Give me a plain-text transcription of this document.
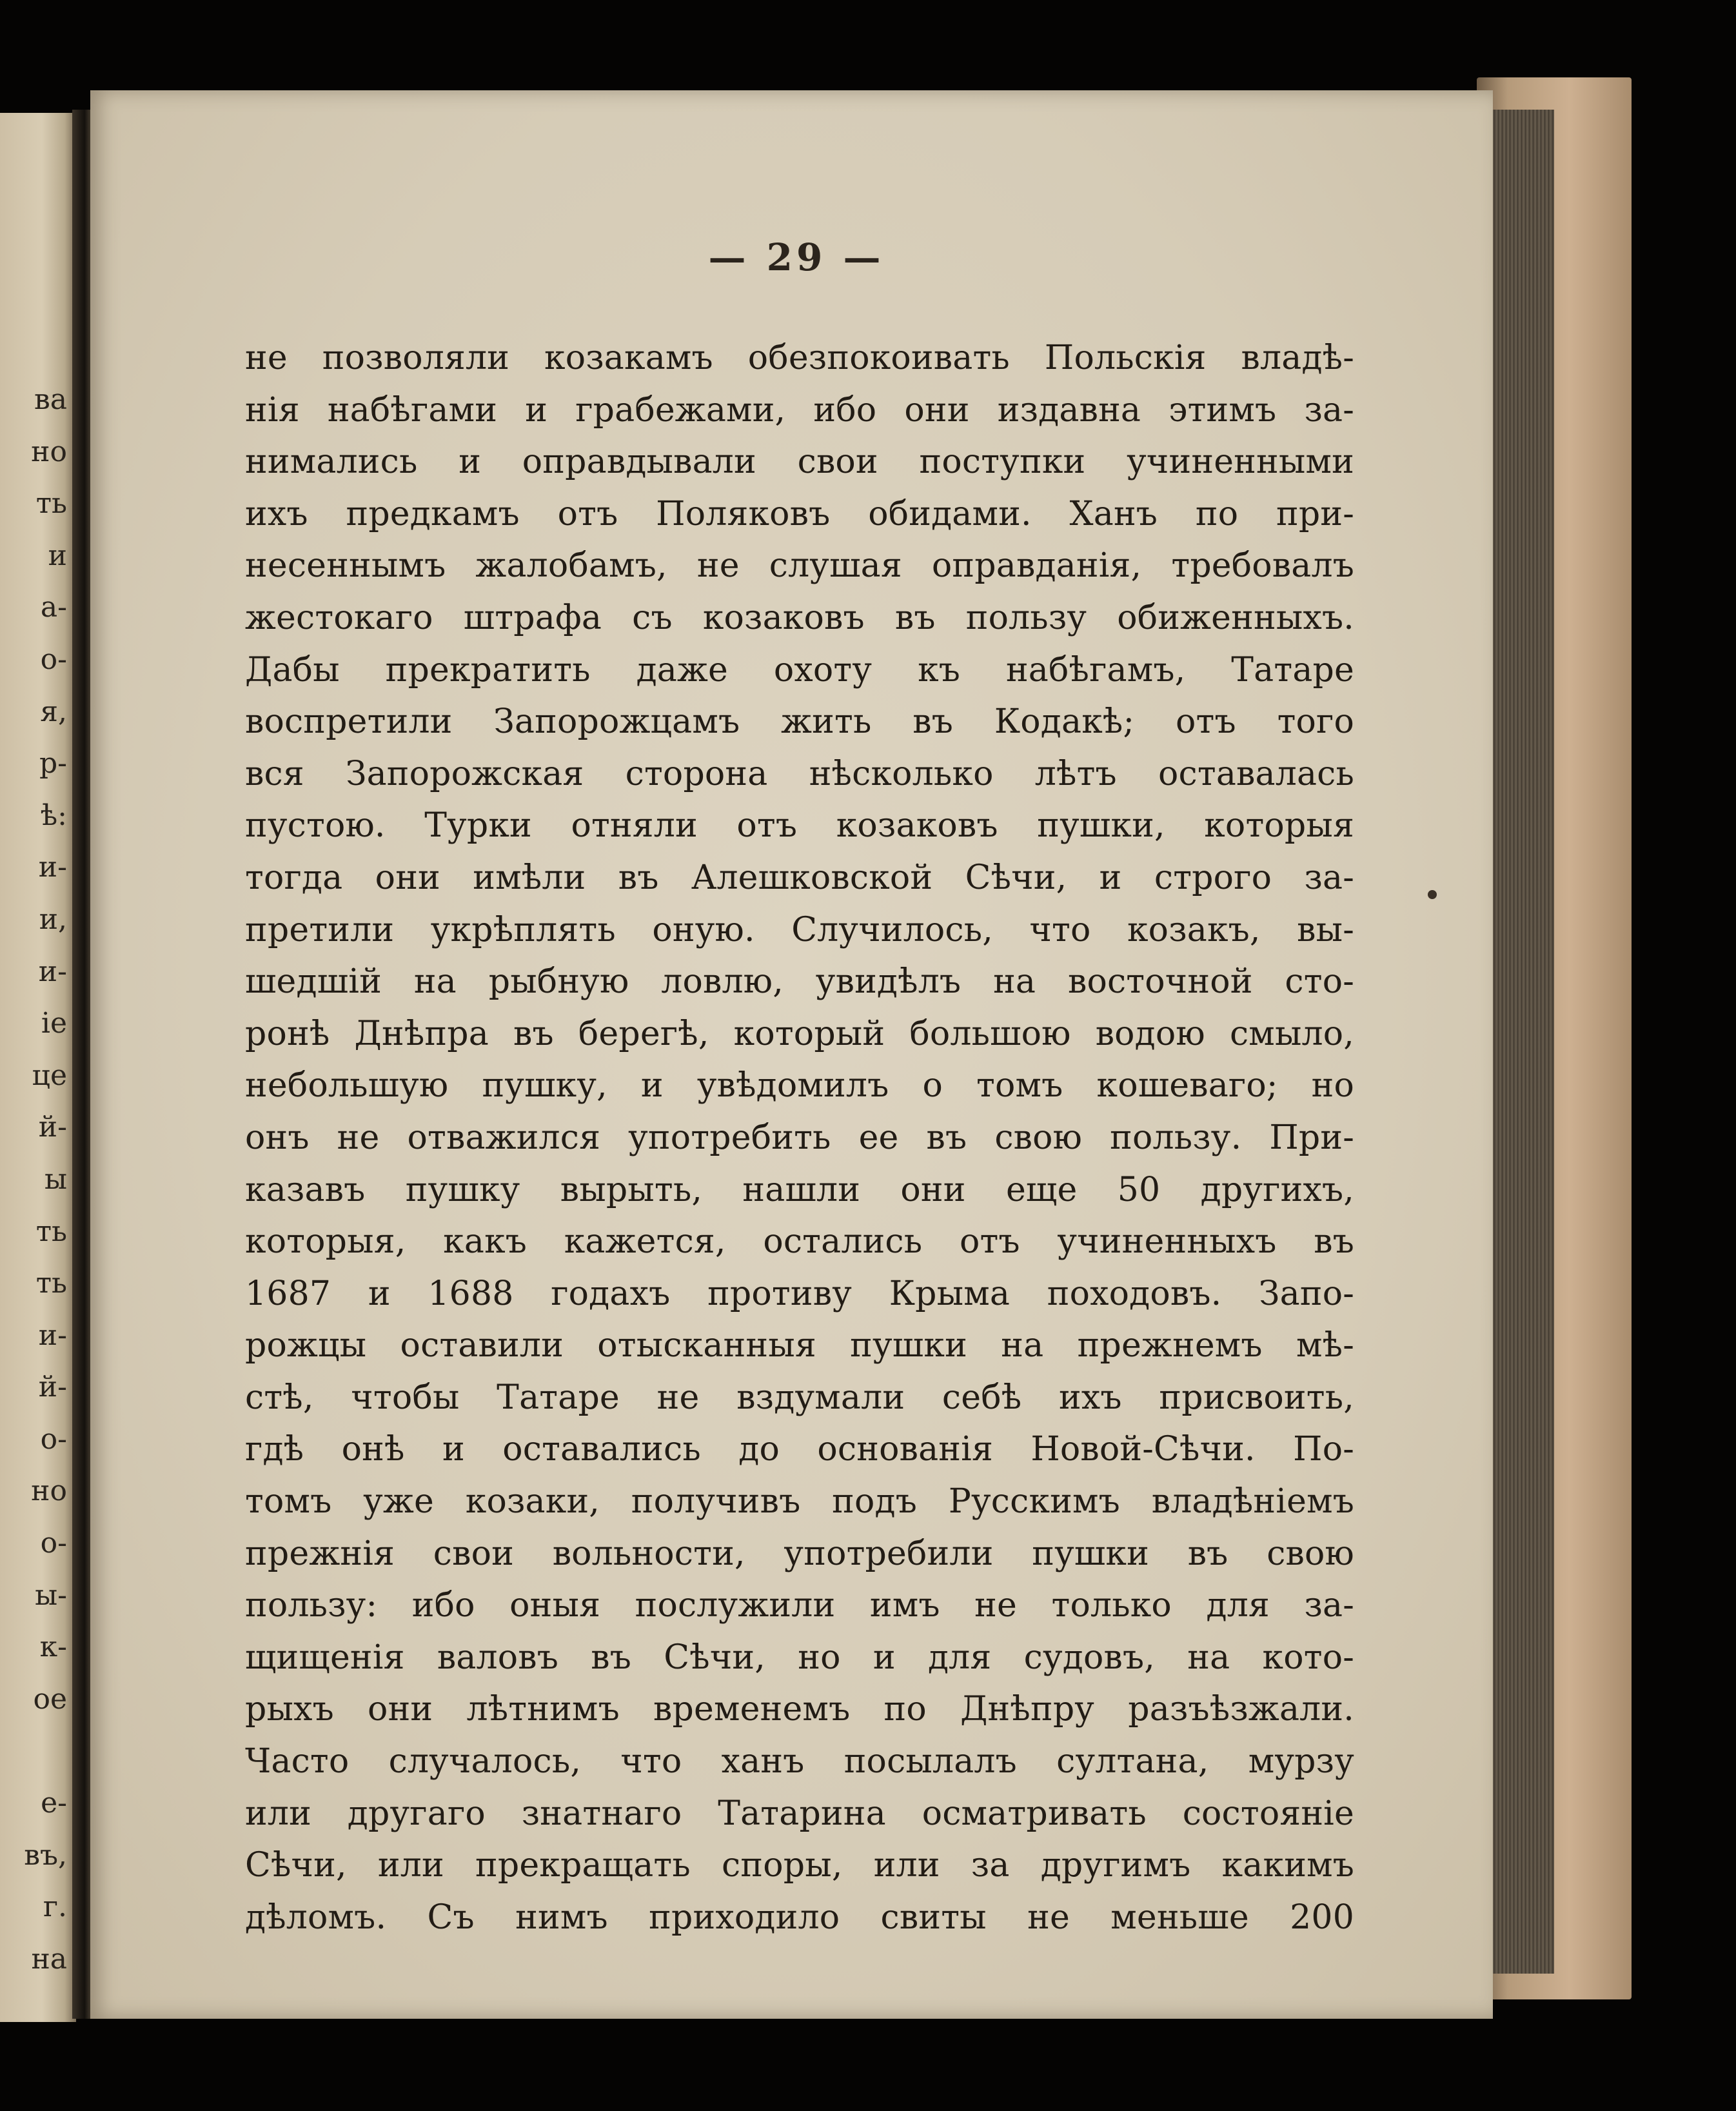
ва
но
ть
и
а-
о-
я,
р-
ѣ:
и-
и,
и-
іе
це
й-
ы
ть
ть
и-
й-
о-
но
о-
ы-
к-
ое
е-
въ,
г.
на
— 29 —
не позволяли козакамъ обезпокоивать Польскія владѣ-
нія набѣгами и грабежами, ибо они издавна этимъ за-
нимались и оправдывали свои поступки учиненными
ихъ предкамъ отъ Поляковъ обидами. Ханъ по при-
несеннымъ жалобамъ, не слушая оправданія, требовалъ
жестокаго штрафа съ козаковъ въ пользу обиженныхъ.
Дабы прекратить даже охоту къ набѣгамъ, Татаре
воспретили Запорожцамъ жить въ Кодакѣ; отъ того
вся Запорожская сторона нѣсколько лѣтъ оставалась
пустою. Турки отняли отъ козаковъ пушки, которыя
тогда они имѣли въ Алешковской Сѣчи, и строго за-
претили укрѣплять оную. Случилось, что козакъ, вы-
шедшій на рыбную ловлю, увидѣлъ на восточной сто-
ронѣ Днѣпра въ берегѣ, который большою водою смыло,
небольшую пушку, и увѣдомилъ о томъ кошеваго; но
онъ не отважился употребить ее въ свою пользу. При-
казавъ пушку вырыть, нашли они еще 50 другихъ,
которыя, какъ кажется, остались отъ учиненныхъ въ
1687 и 1688 годахъ противу Крыма походовъ. Запо-
рожцы оставили отысканныя пушки на прежнемъ мѣ-
стѣ, чтобы Татаре не вздумали себѣ ихъ присвоить,
гдѣ онѣ и оставались до основанія Новой-Сѣчи. По-
томъ уже козаки, получивъ подъ Русскимъ владѣніемъ
прежнія свои вольности, употребили пушки въ свою
пользу: ибо оныя послужили имъ не только для за-
щищенія валовъ въ Сѣчи, но и для судовъ, на кото-
рыхъ они лѣтнимъ временемъ по Днѣпру разъѣзжали.
Часто случалось, что ханъ посылалъ султана, мурзу
или другаго знатнаго Татарина осматривать состояніе
Сѣчи, или прекращать споры, или за другимъ какимъ
дѣломъ. Съ нимъ приходило свиты не меньше 200
